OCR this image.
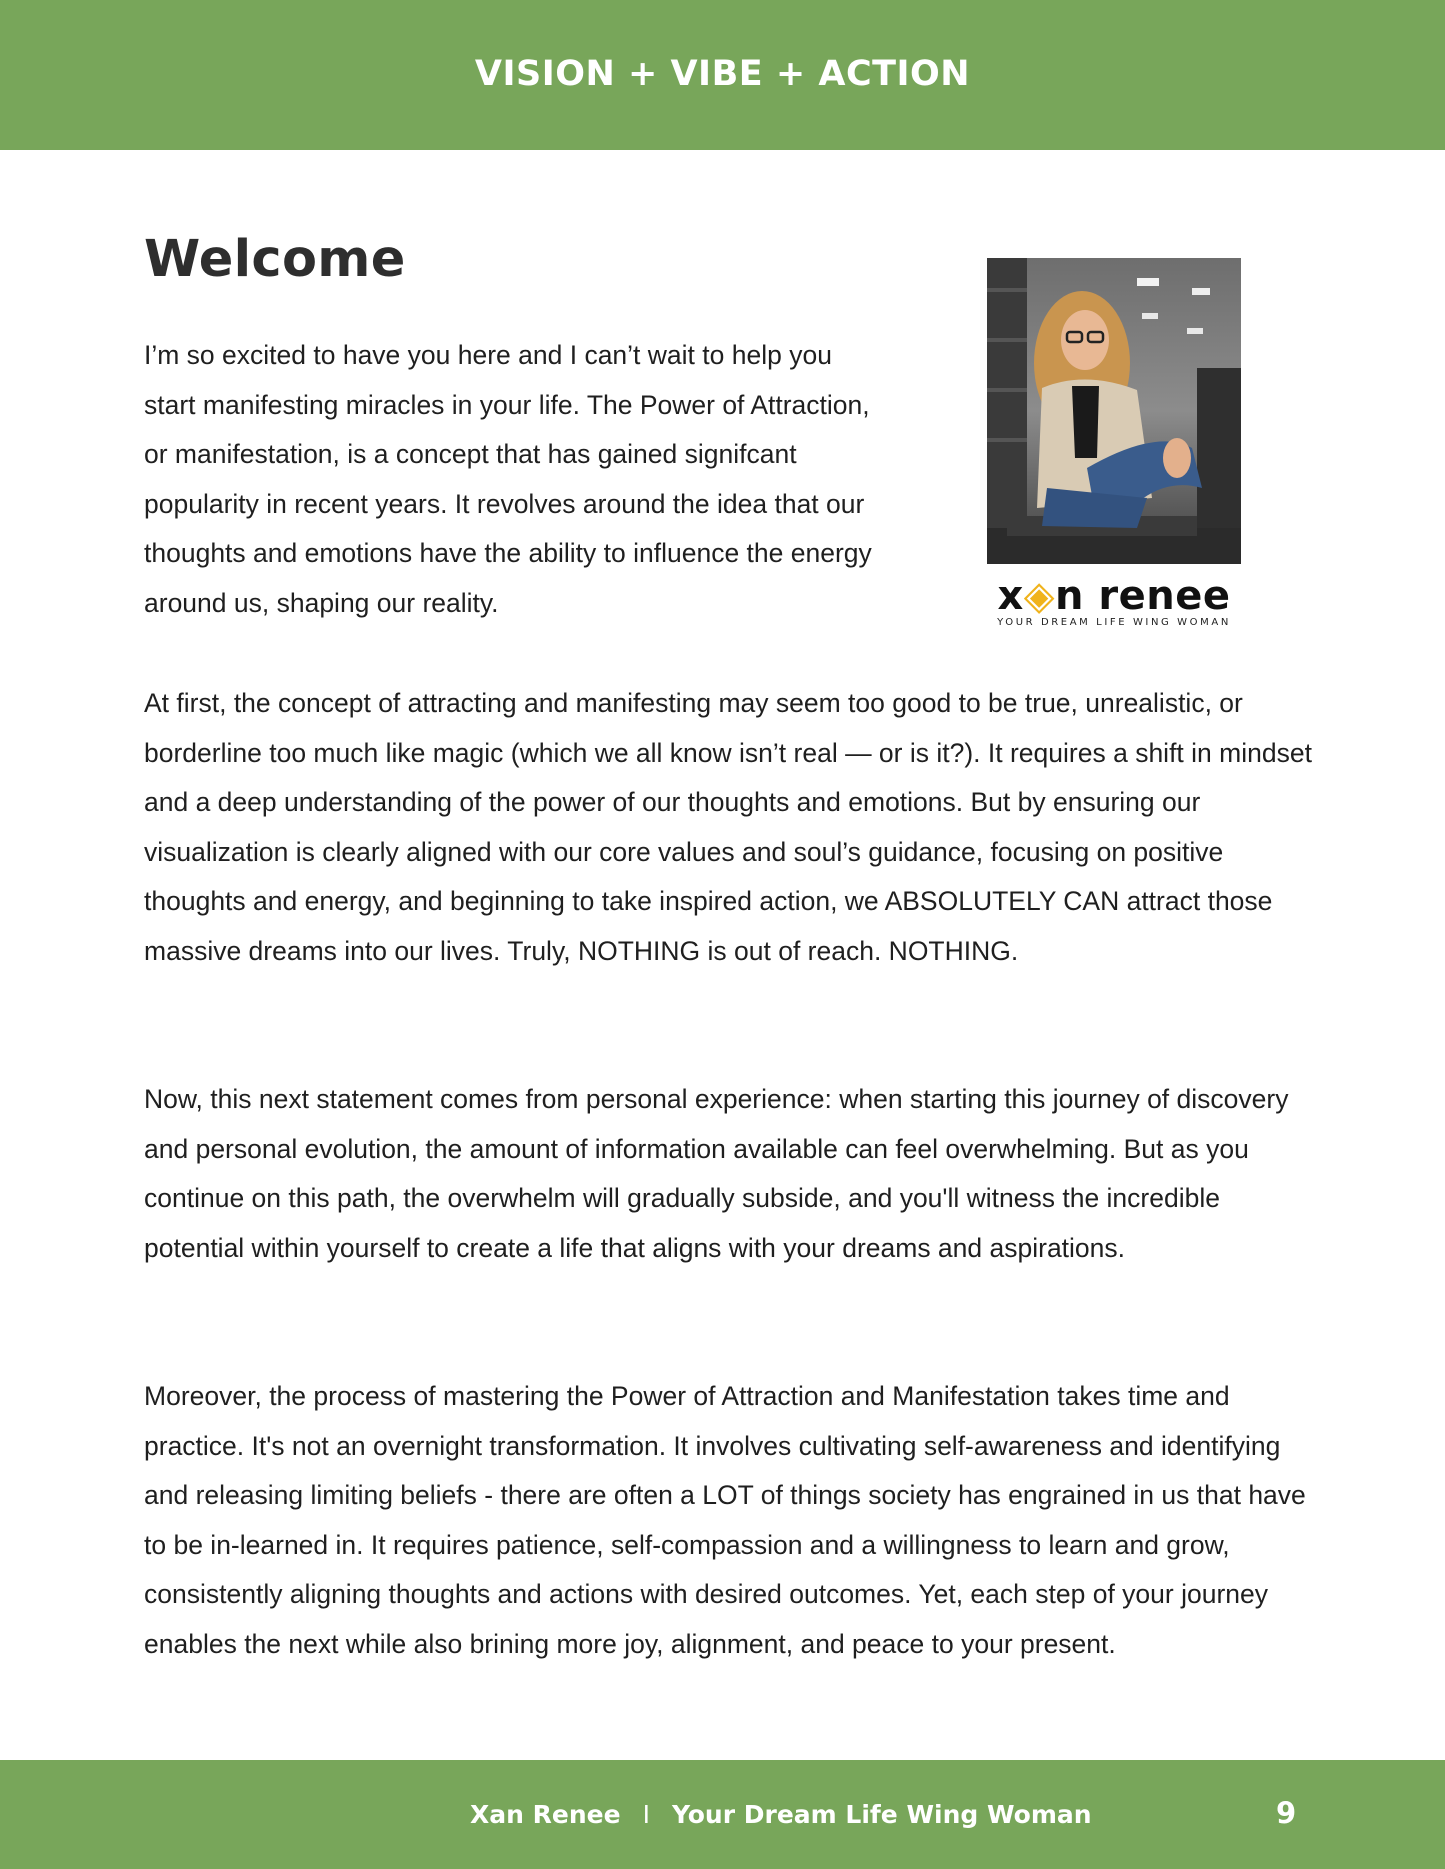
VISION + VIBE + ACTION
Welcome

I’m so excited to have you here and I can’t wait to help you start manifesting miracles in your life. The Power of Attraction, or manifestation, is a concept that has gained signifcant popularity in recent years. It revolves around the idea that our thoughts and emotions have the ability to influence the energy around us, shaping our reality.	x◈n renee
YOUR DREAM LIFE WING WOMAN

At first, the concept of attracting and manifesting may seem too good to be true, unrealistic, or borderline too much like magic (which we all know isn’t real — or is it?). It requires a shift in mindset and a deep understanding of the power of our thoughts and emotions. But by ensuring our visualization is clearly aligned with our core values and soul’s guidance, focusing on positive thoughts and energy, and beginning to take inspired action, we ABSOLUTELY CAN attract those massive dreams into our lives. Truly, NOTHING is out of reach. NOTHING.

Now, this next statement comes from personal experience: when starting this journey of discovery and personal evolution, the amount of information available can feel overwhelming. But as you continue on this path, the overwhelm will gradually subside, and you'll witness the incredible potential within yourself to create a life that aligns with your dreams and aspirations.

Moreover, the process of mastering the Power of Attraction and Manifestation takes time and practice. It's not an overnight transformation. It involves cultivating self-awareness and identifying and releasing limiting beliefs - there are often a LOT of things society has engrained in us that have to be in-learned in. It requires patience, self-compassion and a willingness to learn and grow, consistently aligning thoughts and actions with desired outcomes. Yet, each step of your journey enables the next while also brining more joy, alignment, and peace to your present.

Xan Renee I Your Dream Life Wing Woman	9
